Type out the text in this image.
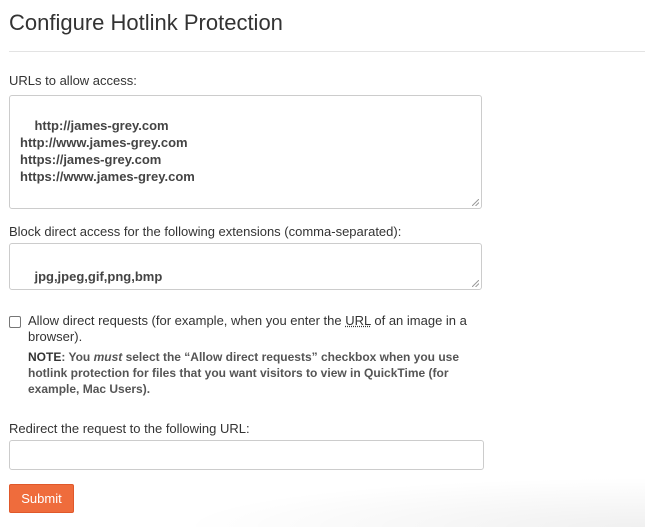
Configure Hotlink Protection
URLs to allow access:

http://james-grey.com
http://www.james-grey.com
https://james-grey.com
https://www.james-grey.com

Block direct access for the following extensions (comma-separated):

jpg,jpeg,gif,png,bmp

Allow direct requests (for example, when you enter the URL of an image in a browser).
NOTE: You must select the “Allow direct requests” checkbox when you use hotlink protection for files that you want visitors to view in QuickTime (for example, Mac Users).
Redirect the request to the following URL:
Submit
